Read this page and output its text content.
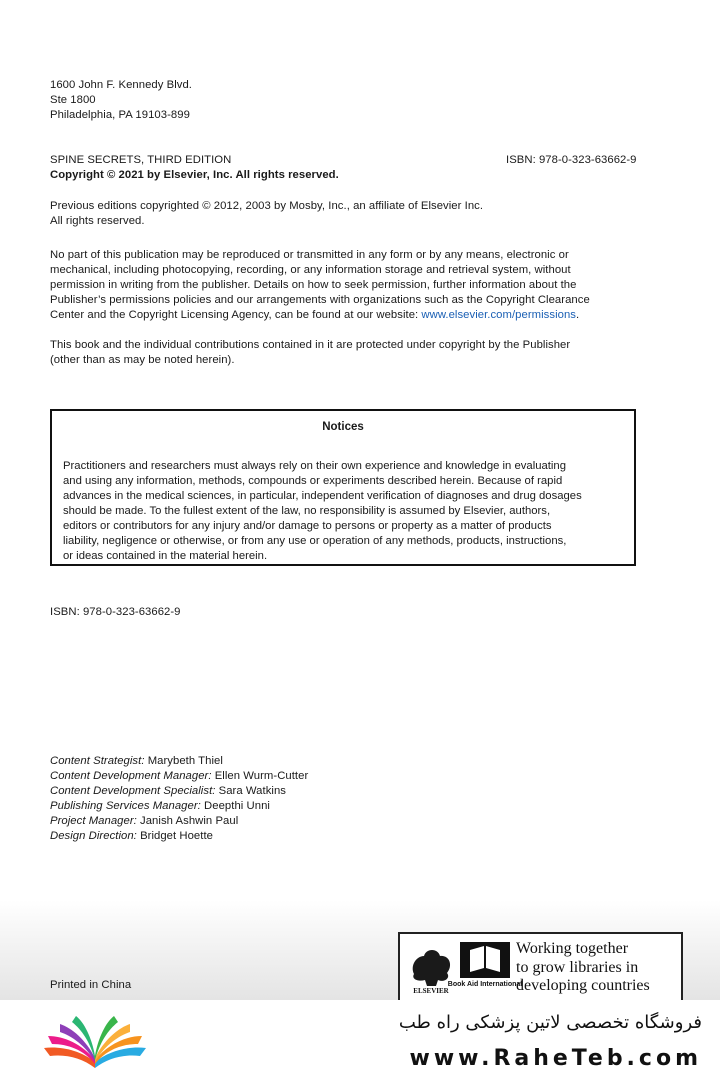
1600 John F. Kennedy Blvd.
Ste 1800
Philadelphia, PA 19103-899
SPINE SECRETS, THIRD EDITION	ISBN: 978-0-323-63662-9
Copyright © 2021 by Elsevier, Inc. All rights reserved.
Previous editions copyrighted © 2012, 2003 by Mosby, Inc., an affiliate of Elsevier Inc.
All rights reserved.
No part of this publication may be reproduced or transmitted in any form or by any means, electronic or
mechanical, including photocopying, recording, or any information storage and retrieval system, without
permission in writing from the publisher. Details on how to seek permission, further information about the
Publisher’s permissions policies and our arrangements with organizations such as the Copyright Clearance
Center and the Copyright Licensing Agency, can be found at our website: www.elsevier.com/permissions.
This book and the individual contributions contained in it are protected under copyright by the Publisher
(other than as may be noted herein).
Notices
Practitioners and researchers must always rely on their own experience and knowledge in evaluating
and using any information, methods, compounds or experiments described herein. Because of rapid
advances in the medical sciences, in particular, independent verification of diagnoses and drug dosages
should be made. To the fullest extent of the law, no responsibility is assumed by Elsevier, authors,
editors or contributors for any injury and/or damage to persons or property as a matter of products
liability, negligence or otherwise, or from any use or operation of any methods, products, instructions,
or ideas contained in the material herein.
ISBN: 978-0-323-63662-9
Content Strategist: Marybeth Thiel
Content Development Manager: Ellen Wurm-Cutter
Content Development Specialist: Sara Watkins
Publishing Services Manager: Deepthi Unni
Project Manager: Janish Ashwin Paul
Design Direction: Bridget Hoette
Printed in China	ELSEVIER
Book Aid International
Working together
to grow libraries in
developing countries
فروشگاه تخصصی لاتین پزشکی راه طب
www.RaheTeb.com
